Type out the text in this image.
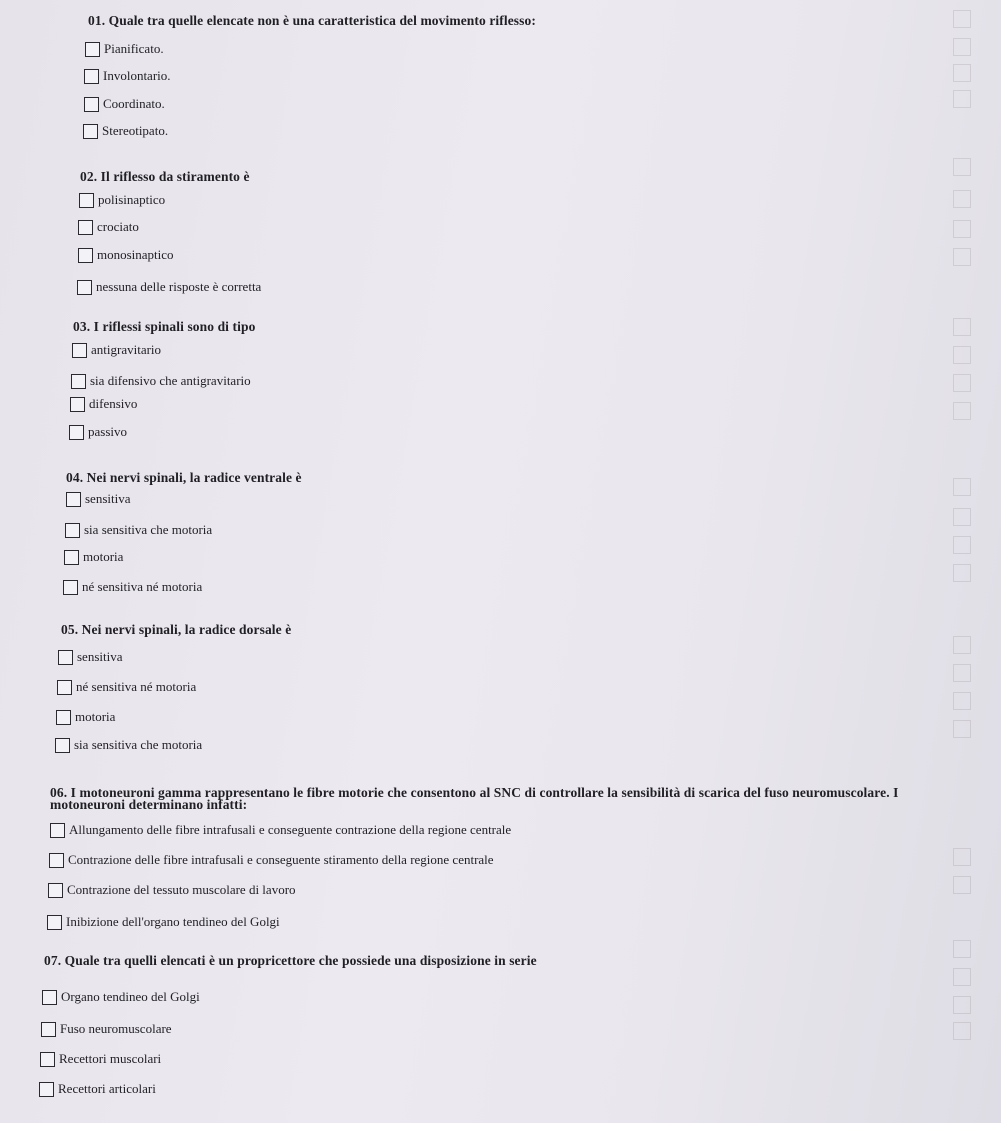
01. Quale tra quelle elencate non è una caratteristica del movimento riflesso:
Pianificato.
Involontario.
Coordinato.
Stereotipato.
02. Il riflesso da stiramento è
polisinaptico
crociato
monosinaptico
nessuna delle risposte è corretta
03. I riflessi spinali sono di tipo
antigravitario
sia difensivo che antigravitario
difensivo
passivo
04. Nei nervi spinali, la radice ventrale è
sensitiva
sia sensitiva che motoria
motoria
né sensitiva né motoria
05. Nei nervi spinali, la radice dorsale è
sensitiva
né sensitiva né motoria
motoria
sia sensitiva che motoria
06. I motoneuroni gamma rappresentano le fibre motorie che consentono al SNC di controllare la sensibilità di scarica del fuso neuromuscolare. I motoneuroni determinano infatti:
Allungamento delle fibre intrafusali e conseguente contrazione della regione centrale
Contrazione delle fibre intrafusali e conseguente stiramento della regione centrale
Contrazione del tessuto muscolare di lavoro
Inibizione dell'organo tendineo del Golgi
07. Quale tra quelli elencati è un propricettore che possiede una disposizione in serie
Organo tendineo del Golgi
Fuso neuromuscolare
Recettori muscolari
Recettori articolari
